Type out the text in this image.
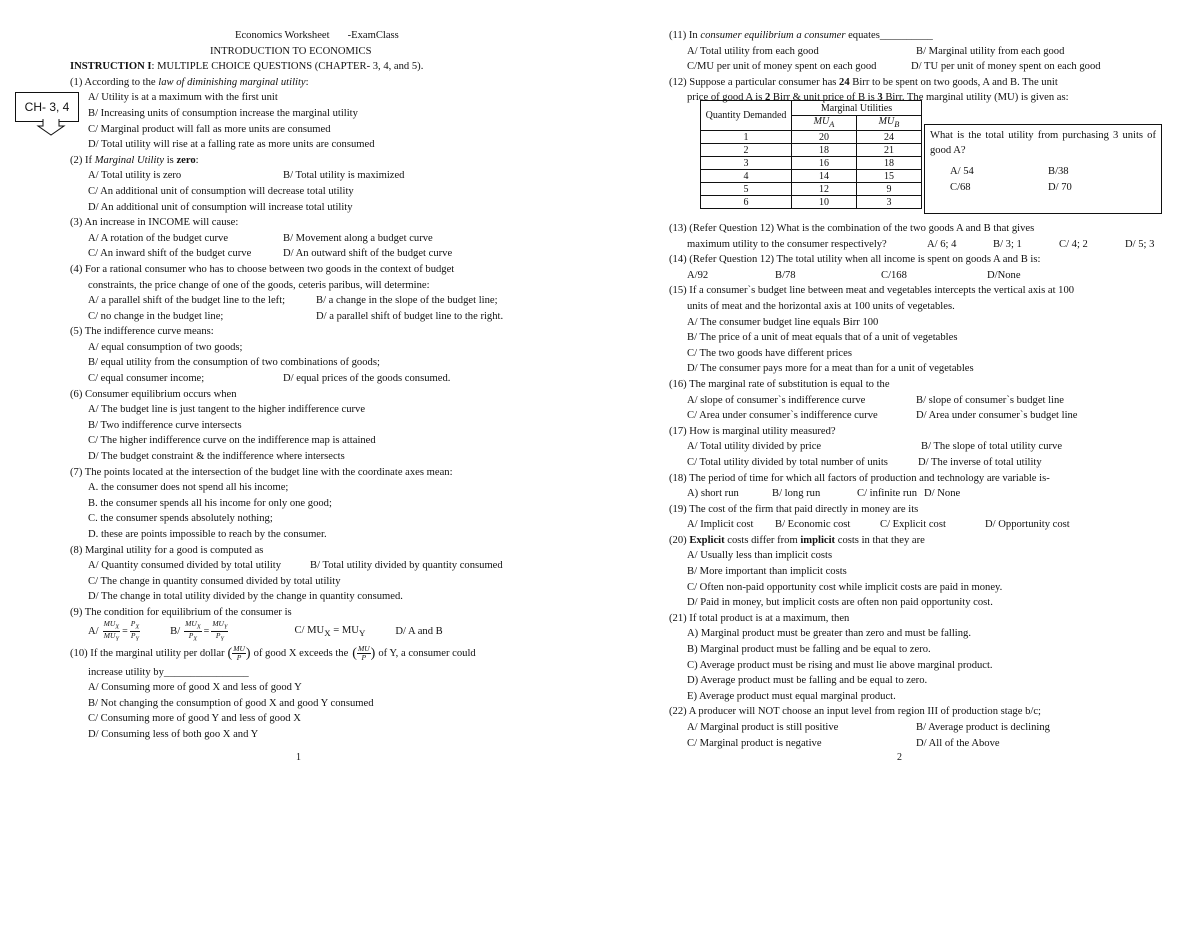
CH- 3, 4
Economics Worksheet -ExamClass
INTRODUCTION TO ECONOMICS
INSTRUCTION I: MULTIPLE CHOICE QUESTIONS (CHAPTER- 3, 4, and 5).
(1) According to the law of diminishing marginal utility:
A/ Utility is at a maximum with the first unit
B/ Increasing units of consumption increase the marginal utility
C/ Marginal product will fall as more units are consumed
D/ Total utility will rise at a falling rate as more units are consumed
(2) If Marginal Utility is zero:
A/ Total utility is zero	B/ Total utility is maximized
C/ An additional unit of consumption will decrease total utility
D/ An additional unit of consumption will increase total utility
(3) An increase in INCOME will cause:
A/ A rotation of the budget curve	B/ Movement along a budget curve
C/ An inward shift of the budget curve	D/ An outward shift of the budget curve
(4) For a rational consumer who has to choose between two goods in the context of budget
constraints, the price change of one of the goods, ceteris paribus, will determine:
A/ a parallel shift of the budget line to the left;	B/ a change in the slope of the budget line;
C/ no change in the budget line;	D/ a parallel shift of budget line to the right.
(5) The indifference curve means:
A/ equal consumption of two goods;
B/ equal utility from the consumption of two combinations of goods;
C/ equal consumer income;	D/ equal prices of the goods consumed.
(6) Consumer equilibrium occurs when
A/ The budget line is just tangent to the higher indifference curve
B/ Two indifference curve intersects
C/ The higher indifference curve on the indifference map is attained
D/ The budget constraint & the indifference where intersects
(7) The points located at the intersection of the budget line with the coordinate axes mean:
A. the consumer does not spend all his income;
B. the consumer spends all his income for only one good;
C. the consumer spends absolutely nothing;
D. these are points impossible to reach by the consumer.
(8) Marginal utility for a good is computed as
A/ Quantity consumed divided by total utility	B/ Total utility divided by quantity consumed
C/ The change in quantity consumed divided by total utility
D/ The change in total utility divided by the change in quantity consumed.
(9) The condition for equilibrium of the consumer is
$A/ \frac{MU_X}{MU_Y} = \frac{P_X}{P_Y}$	$B/ \frac{MU_X}{P_X} = \frac{MU_Y}{P_Y}$	C/ $MU_X = MU_Y$	D/ A and B
(10) If the marginal utility per dollar ( $\frac{MU}{P}$ ) of good X exceeds the ( $\frac{MU}{P}$ ) of Y, a consumer could
increase utility by________________
A/ Consuming more of good X and less of good Y
B/ Not changing the consumption of good X and good Y consumed
C/ Consuming more of good Y and less of good X
D/ Consuming less of both goo X and Y
1
(11) In consumer equilibrium a consumer equates__________
A/ Total utility from each good	B/ Marginal utility from each good
C/MU per unit of money spent on each good	D/ TU per unit of money spent on each good
(12) Suppose a particular consumer has 24 Birr to be spent on two goods, A and B. The unit
price of good A is 2 Birr & unit price of B is 3 Birr. The marginal utility (MU) is given as:
Quantity Demanded	Marginal Utilities	
	$MU_A$	$MU_B$
1	20	24
2	18	21
3	16	18
4	14	15
5	12	9
6	10	3
What is the total utility from purchasing 3 units of good A?
A/ 54	B/38
C/68	D/ 70
(13) (Refer Question 12) What is the combination of the two goods A and B that gives
maximum utility to the consumer respectively?	A/ 6; 4	B/ 3; 1	C/ 4; 2	D/ 5; 3
(14) (Refer Question 12) The total utility when all income is spent on goods A and B is:
A/92	B/78	C/168	D/None
(15) If a consumer`s budget line between meat and vegetables intercepts the vertical axis at 100
units of meat and the horizontal axis at 100 units of vegetables.
A/ The consumer budget line equals Birr 100
B/ The price of a unit of meat equals that of a unit of vegetables
C/ The two goods have different prices
D/ The consumer pays more for a meat than for a unit of vegetables
(16) The marginal rate of substitution is equal to the
A/ slope of consumer`s indifference curve	B/ slope of consumer`s budget line
C/ Area under consumer`s indifference curve	D/ Area under consumer`s budget line
(17) How is marginal utility measured?
A/ Total utility divided by price	B/ The slope of total utility curve
C/ Total utility divided by total number of units	D/ The inverse of total utility
(18) The period of time for which all factors of production and technology are variable is-
A) short run	B/ long run	C/ infinite run D/ None
(19) The cost of the firm that paid directly in money are its
A/ Implicit cost	B/ Economic cost	C/ Explicit cost	D/ Opportunity cost
(20) Explicit costs differ from implicit costs in that they are
A/ Usually less than implicit costs
B/ More important than implicit costs
C/ Often non-paid opportunity cost while implicit costs are paid in money.
D/ Paid in money, but implicit costs are often non paid opportunity cost.
(21) If total product is at a maximum, then
A) Marginal product must be greater than zero and must be falling.
B) Marginal product must be falling and be equal to zero.
C) Average product must be rising and must lie above marginal product.
D) Average product must be falling and be equal to zero.
E) Average product must equal marginal product.
(22) A producer will NOT choose an input level from region III of production stage b/c;
A/ Marginal product is still positive	B/ Average product is declining
C/ Marginal product is negative	D/ All of the Above
2
